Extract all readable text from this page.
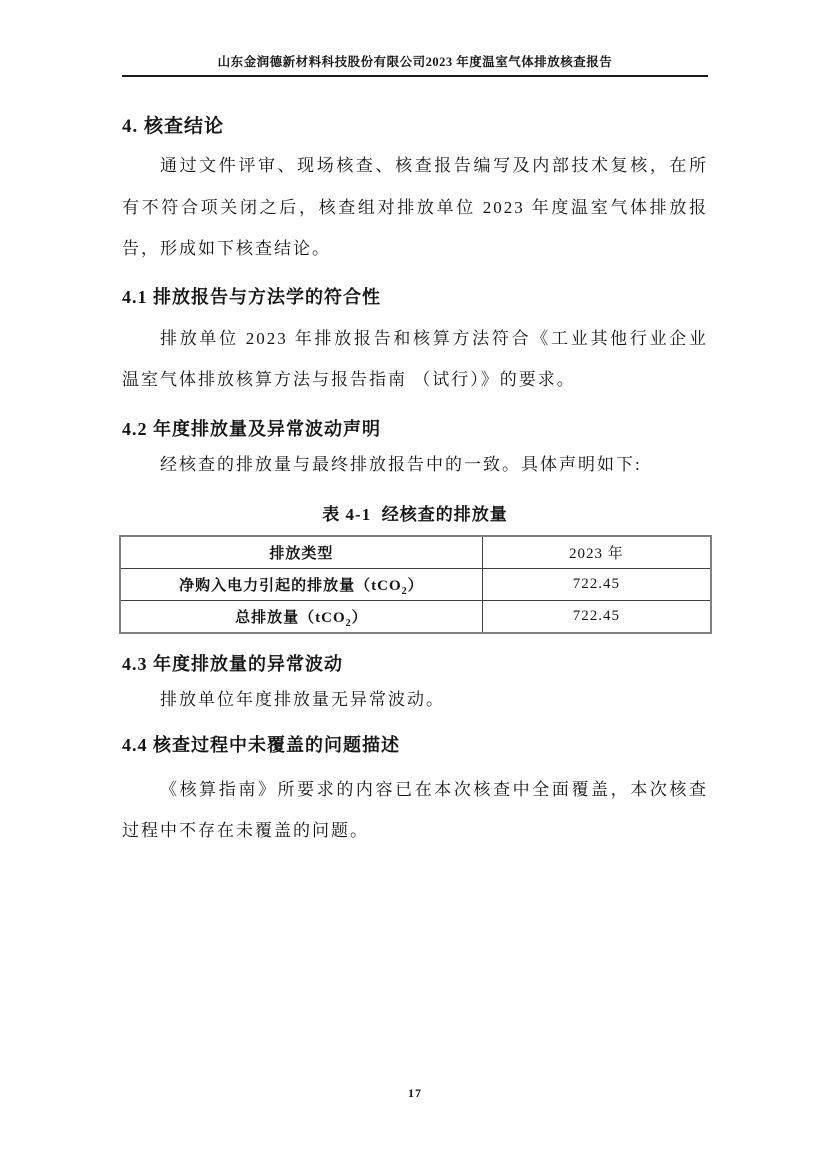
山东金润德新材料科技股份有限公司2023 年度温室气体排放核查报告
4. 核查结论
通过文件评审、现场核查、核查报告编写及内部技术复核，在所
有不符合项关闭之后，核查组对排放单位 2023 年度温室气体排放报
告，形成如下核查结论。
4.1 排放报告与方法学的符合性
排放单位 2023 年排放报告和核算方法符合《工业其他行业企业
温室气体排放核算方法与报告指南 （试行）》的要求。
4.2 年度排放量及异常波动声明
经核查的排放量与最终排放报告中的一致。具体声明如下:
表 4-1  经核查的排放量
排放类型	2023 年
净购入电力引起的排放量（tCO$_2$）	722.45
总排放量（tCO$_2$）	722.45
4.3 年度排放量的异常波动
排放单位年度排放量无异常波动。
4.4 核查过程中未覆盖的问题描述
《核算指南》所要求的内容已在本次核查中全面覆盖，本次核查
过程中不存在未覆盖的问题。
17
